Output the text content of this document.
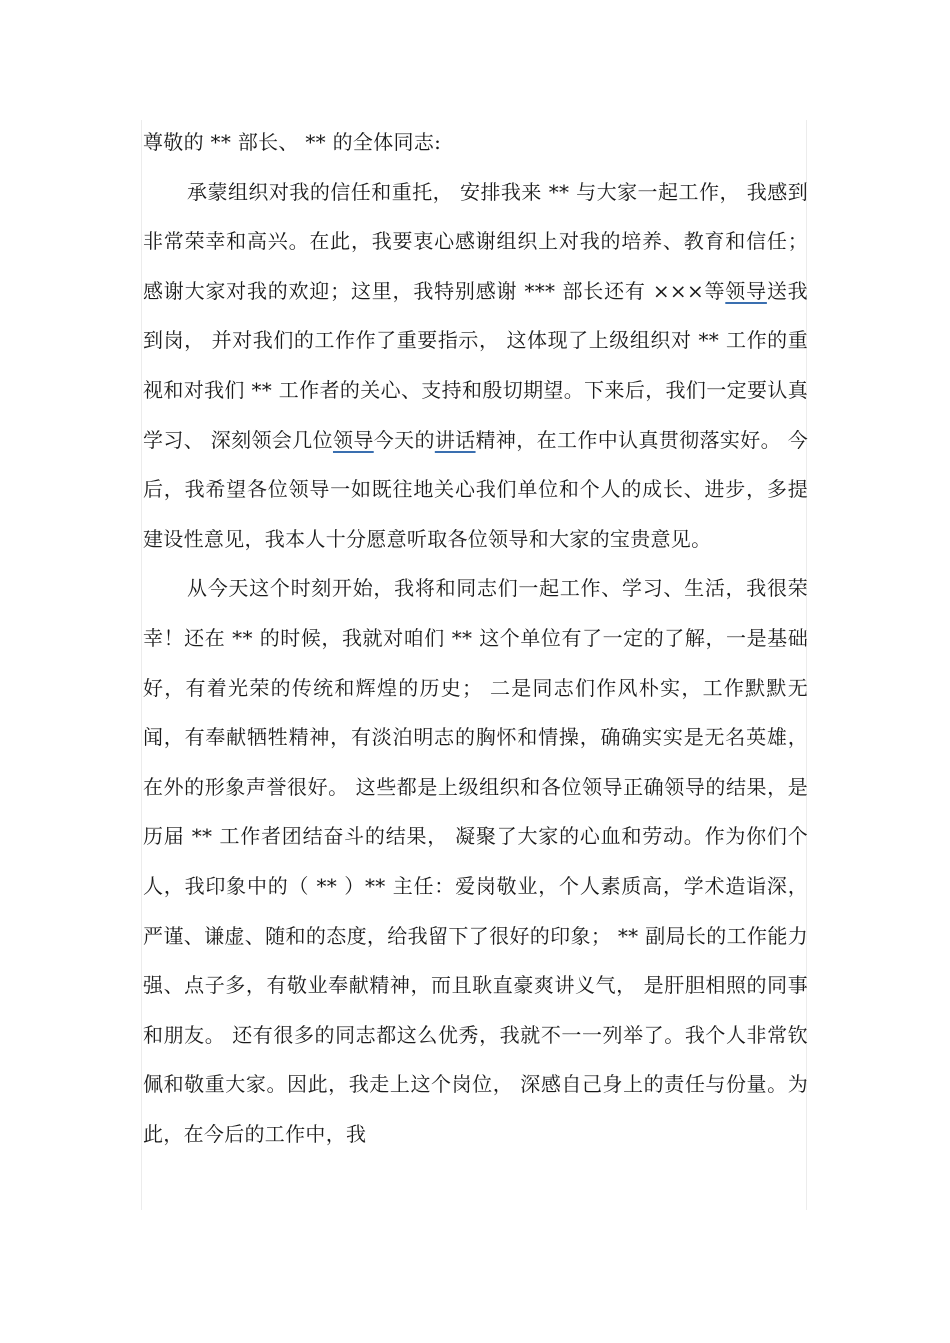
尊敬的 ** 部长、 ** 的全体同志:

承蒙组织对我的信任和重托， 安排我来 ** 与大家一起工作， 我感到非常荣幸和高兴。在此，我要衷心感谢组织上对我的培养、教育和信任；感谢大家对我的欢迎；这里，我特别感谢 *** 部长还有 ×××等领导送我到岗， 并对我们的工作作了重要指示， 这体现了上级组织对 ** 工作的重视和对我们 ** 工作者的关心、支持和殷切期望。下来后，我们一定要认真学习、 深刻领会几位领导今天的讲话精神，在工作中认真贯彻落实好。 今后，我希望各位领导一如既往地关心我们单位和个人的成长、进步，多提建设性意见，我本人十分愿意听取各位领导和大家的宝贵意见。

从今天这个时刻开始，我将和同志们一起工作、学习、生活，我很荣幸！还在 ** 的时候，我就对咱们 ** 这个单位有了一定的了解，一是基础好，有着光荣的传统和辉煌的历史； 二是同志们作风朴实，工作默默无闻，有奉献牺牲精神，有淡泊明志的胸怀和情操，确确实实是无名英雄， 在外的形象声誉很好。 这些都是上级组织和各位领导正确领导的结果，是历届 ** 工作者团结奋斗的结果， 凝聚了大家的心血和劳动。作为你们个人，我印象中的（ ** ）** 主任：爱岗敬业，个人素质高，学术造诣深，严谨、谦虚、随和的态度，给我留下了很好的印象； ** 副局长的工作能力强、点子多，有敬业奉献精神，而且耿直豪爽讲义气， 是肝胆相照的同事和朋友。 还有很多的同志都这么优秀，我就不一一列举了。我个人非常钦佩和敬重大家。因此，我走上这个岗位， 深感自己身上的责任与份量。为此，在今后的工作中，我
